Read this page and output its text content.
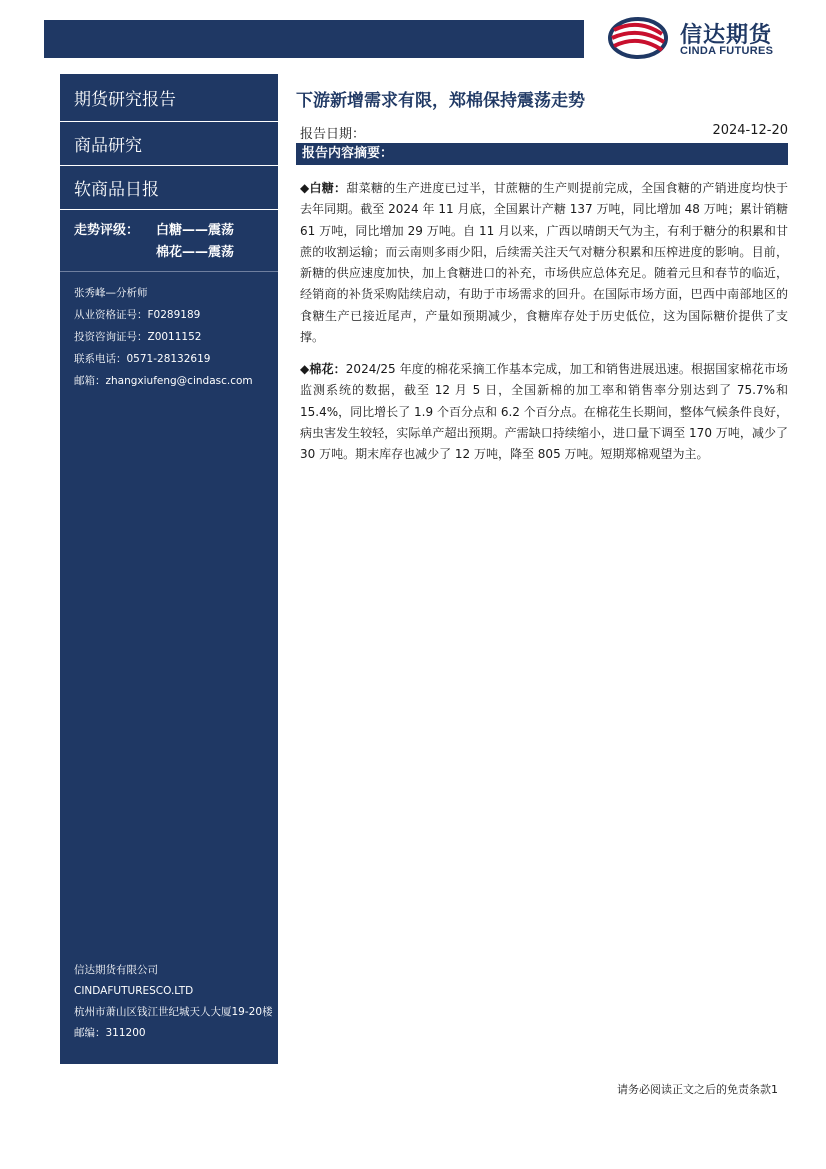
信达期货
CINDA FUTURES
期货研究报告
商品研究
软商品日报
走势评级： 白糖——震荡
棉花——震荡
张秀峰—分析师
从业资格证号：F0289189
投资咨询证号：Z0011152
联系电话：0571-28132619
邮箱：zhangxiufeng@cindasc.com
信达期货有限公司
CINDAFUTURESCO.LTD
杭州市萧山区钱江世纪城天人大厦19-20楼
邮编：311200
下游新增需求有限，郑棉保持震荡走势
报告日期：	2024-12-20
报告内容摘要：
◆白糖：甜菜糖的生产进度已过半，甘蔗糖的生产则提前完成，全国食糖的产销进度均快于去年同期。截至 2024 年 11 月底，全国累计产糖 137 万吨，同比增加 48 万吨；累计销糖 61 万吨，同比增加 29 万吨。自 11 月以来，广西以晴朗天气为主，有利于糖分的积累和甘蔗的收割运输；而云南则多雨少阳，后续需关注天气对糖分积累和压榨进度的影响。目前，新糖的供应速度加快，加上食糖进口的补充，市场供应总体充足。随着元旦和春节的临近，经销商的补货采购陆续启动，有助于市场需求的回升。在国际市场方面，巴西中南部地区的食糖生产已接近尾声，产量如预期减少，食糖库存处于历史低位，这为国际糖价提供了支撑。
◆棉花：2024/25 年度的棉花采摘工作基本完成，加工和销售进展迅速。根据国家棉花市场监测系统的数据，截至 12 月 5 日，全国新棉的加工率和销售率分别达到了 75.7%和 15.4%，同比增长了 1.9 个百分点和 6.2 个百分点。在棉花生长期间，整体气候条件良好，病虫害发生较轻，实际单产超出预期。产需缺口持续缩小，进口量下调至 170 万吨，减少了 30 万吨。期末库存也减少了 12 万吨，降至 805 万吨。短期郑棉观望为主。
请务必阅读正文之后的免责条款1
